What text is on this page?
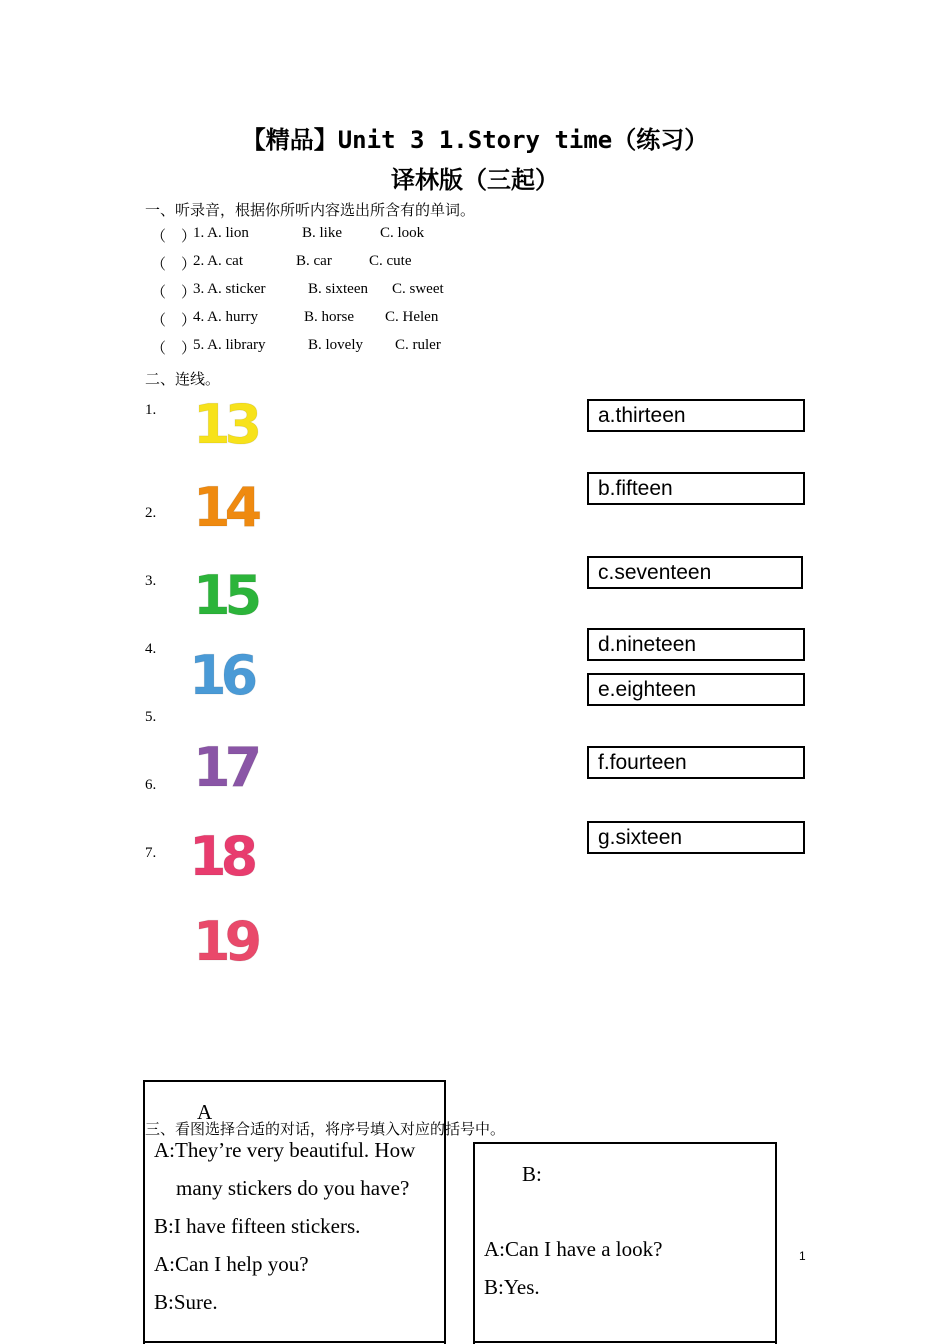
【精品】Unit 3 1.Story time（练习）
译林版（三起）
一、听录音，根据你所听内容选出所含有的单词。
（　）
1. A. lion	B. like	C. look
（　）
2. A. cat	B. car C. cute
（　）
3. A. sticker	B. sixteen C. sweet
（　）
4. A. hurry	B. horse C. Helen
（　）
5. A. library	B. lovely C. ruler
二、连线。
1.
2.
3.
4.
5.
6.
7.
13
14
15
16
17
18
19
a.thirteen
b.fifteen
c.seventeen
d.nineteen
e.eighteen
f.fourteen
g.sixteen
A
A:They’re very beautiful. How
many stickers do you have?
B:I have fifteen stickers.
A:Can I help you?
B:Sure.
三、看图选择合适的对话，将序号填入对应的括号中。
B:
A:Can I have a look?
B:Yes.
1
